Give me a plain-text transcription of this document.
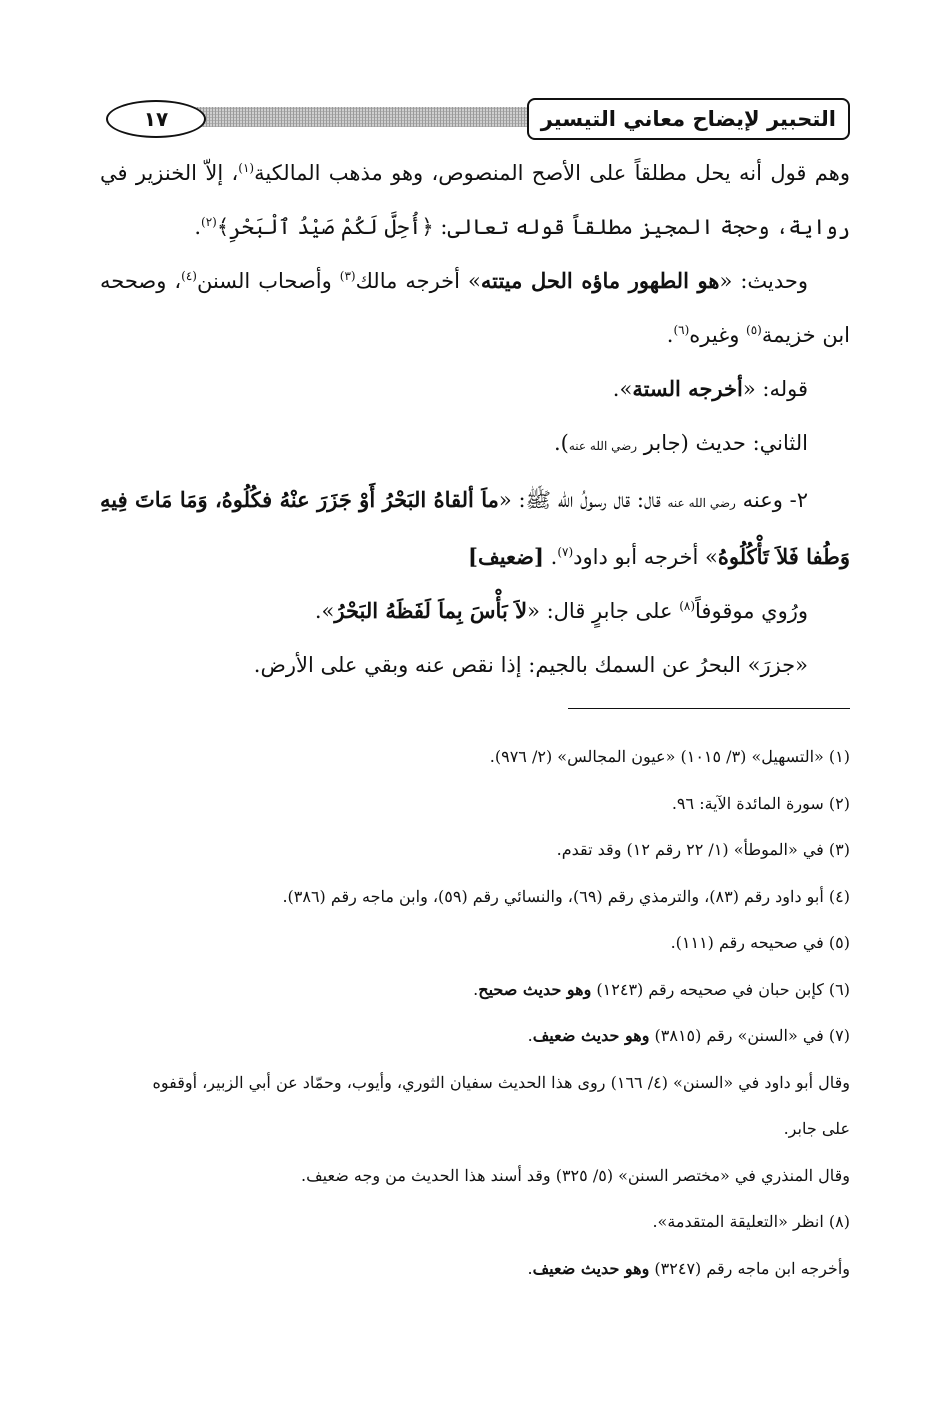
١٧	التحبير لإيضاح معاني التيسير
وهم قول أنه يحل مطلقاً على الأصح المنصوص، وهو مذهب المالكية$^{(١)}$، إلاّ الخنزير في
رواية، وحجة المجيز مطلقاً قوله تعالى: ﴿أُحِلَّ لَكُمْ صَيْدُ ٱلْبَحْرِ﴾$^{(٢)}$.
وحديث: «هو الطهور ماؤه الحل ميتته» أخرجه مالك$^{(٣)}$ وأصحاب السنن$^{(٤)}$، وصححه
ابن خزيمة$^{(٥)}$ وغيره$^{(٦)}$.
قوله: «أخرجه الستة».
الثاني: حديث (جابر رضي الله عنه).
٢- وعنه رضي الله عنه قال: قال رسولُ الله ﷺ: «ماَ ألقاهُ البَحْرُ أَوْ جَزَرَ عنْهُ فكُلُوهُ، وَمَا مَاتَ فِيهِ
وَطُفا فَلاَ تَأْكُلُوهُ» أخرجه أبو داود$^{(٧)}$. [ضعيف]
ورُوي موقوفاً$^{(٨)}$ على جابرٍ قال: «لاَ بَأْسَ بِماَ لَفَظَهُ البَحْرُ».
«جزرَ» البحرُ عن السمك بالجيم: إذا نقص عنه وبقي على الأرض.
(١) «التسهيل» (٣/ ١٠١٥) «عيون المجالس» (٢/ ٩٧٦).
(٢) سورة المائدة الآية: ٩٦.
(٣) في «الموطأ» (١/ ٢٢ رقم ١٢) وقد تقدم.
(٤) أبو داود رقم (٨٣)، والترمذي رقم (٦٩)، والنسائي رقم (٥٩)، وابن ماجه رقم (٣٨٦).
(٥) في صحيحه رقم (١١١).
(٦) كإبن حبان في صحيحه رقم (١٢٤٣) وهو حديث صحيح.
(٧) في «السنن» رقم (٣٨١٥) وهو حديث ضعيف.
وقال أبو داود في «السنن» (٤/ ١٦٦) روى هذا الحديث سفيان الثوري، وأيوب، وحمّاد عن أبي الزبير، أوقفوه
على جابر.
وقال المنذري في «مختصر السنن» (٥/ ٣٢٥) وقد أسند هذا الحديث من وجه ضعيف.
(٨) انظر «التعليقة المتقدمة».
وأخرجه ابن ماجه رقم (٣٢٤٧) وهو حديث ضعيف.
